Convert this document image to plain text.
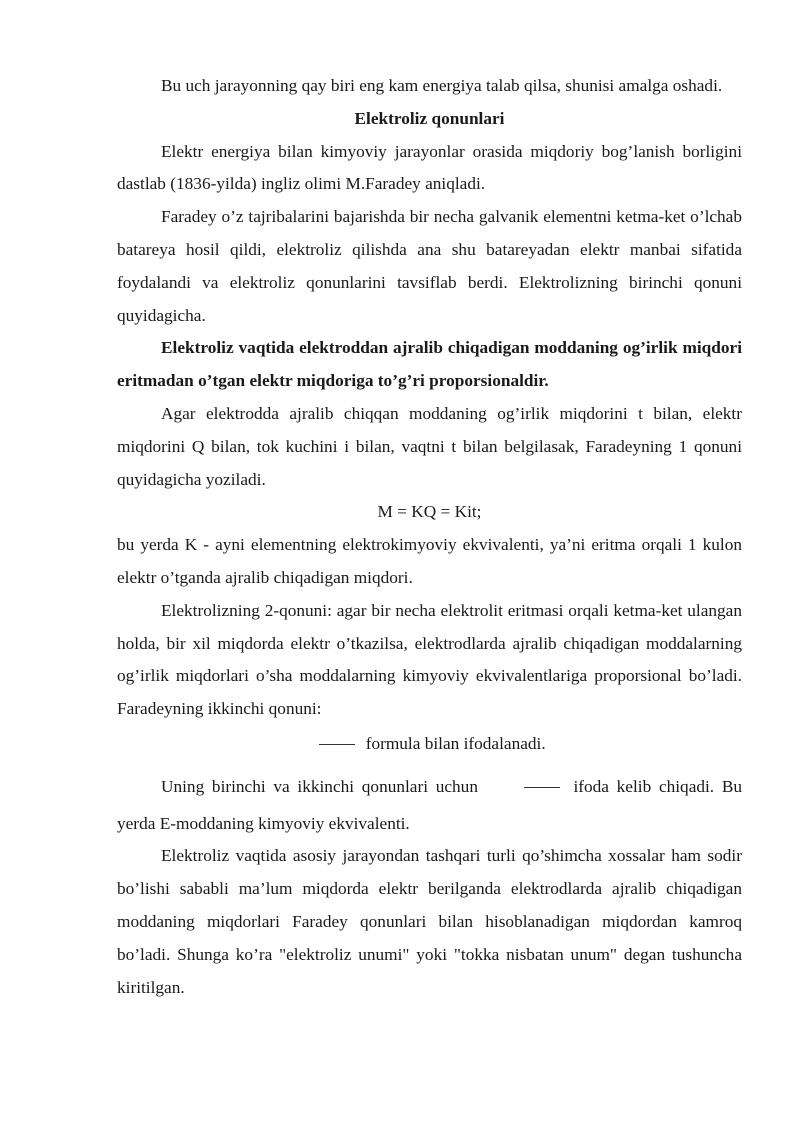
Bu uch jarayonning qay biri eng kam energiya talab qilsa, shunisi amalga oshadi.

Elektroliz qonunlari

Elektr energiya bilan kimyoviy jarayonlar orasida miqdoriy bog’lanish borligini dastlab (1836-yilda) ingliz olimi M.Faradey aniqladi.

Faradey o’z tajribalarini bajarishda bir necha galvanik elementni ketma-ket o’lchab batareya hosil qildi, elektroliz qilishda ana shu batareyadan elektr manbai sifatida foydalandi va elektroliz qonunlarini tavsiflab berdi. Elektrolizning birinchi qonuni quyidagicha.

Elektroliz vaqtida elektroddan ajralib chiqadigan moddaning og’irlik miqdori eritmadan o’tgan elektr miqdoriga to’g’ri proporsionaldir.

Agar elektrodda ajralib chiqqan moddaning og’irlik miqdorini t bilan, elektr miqdorini Q bilan, tok kuchini i bilan, vaqtni t bilan belgilasak, Faradeyning 1 qonuni quyidagicha yoziladi.

M = KQ = Kit;

bu yerda K - ayni elementning elektrokimyoviy ekvivalenti, ya’ni eritma orqali 1 kulon elektr o’tganda ajralib chiqadigan miqdori.

Elektrolizning 2-qonuni: agar bir necha elektrolit eritmasi orqali ketma-ket ulangan holda, bir xil miqdorda elektr o’tkazilsa, elektrodlarda ajralib chiqadigan moddalarning og’irlik miqdorlari o’sha moddalarning kimyoviy ekvivalentlariga proporsional bo’ladi. Faradeyning ikkinchi qonuni:

formula bilan ifodalanadi.

Uning birinchi va ikkinchi qonunlari uchun	ifoda kelib chiqadi. Bu

yerda E-moddaning kimyoviy ekvivalenti.

Elektroliz vaqtida asosiy jarayondan tashqari turli qo’shimcha xossalar ham sodir bo’lishi sababli ma’lum miqdorda elektr berilganda elektrodlarda ajralib chiqadigan moddaning miqdorlari Faradey qonunlari bilan hisoblanadigan miqdordan kamroq bo’ladi. Shunga ko’ra "elektroliz unumi" yoki "tokka nisbatan unum" degan tushuncha kiritilgan.
